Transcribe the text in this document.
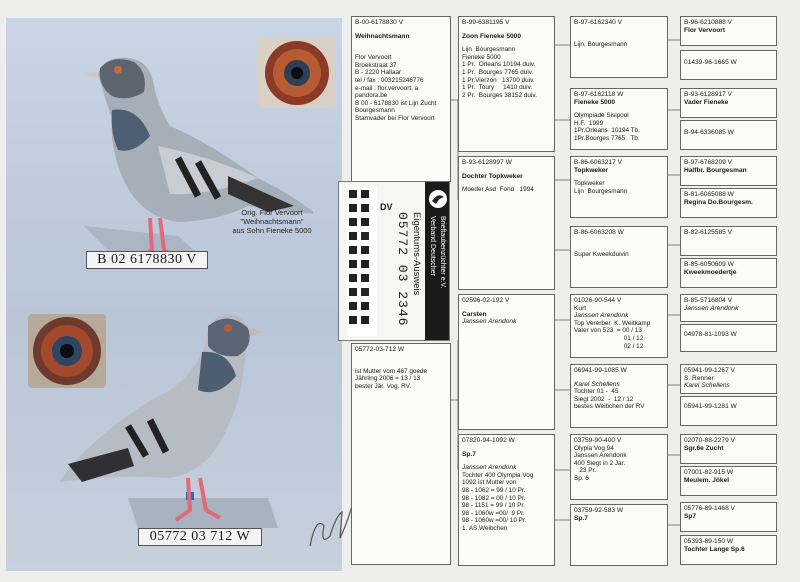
Orig. Flor Vervoort
"Weihnachtsmann"
aus Sohn Fieneke 5000
B 02 6178830 V
05772 03 712 W
B-00-6178830 V
Weihnachtsmann
Flor Vervoort
Broekstraat 37
B - 2220 Hallaar
tel / fax : 003215246776
e-mail : flor.vervoort. a
pandora.be
B 00 - 6178830 ist Lijn Zucht
Bourgesmann
Stamvader bei Flor Vervoort
05772-03-712 W
ist Mutter vom 467 goede
Jährling 2006 = 13 / 13
bester Jär. Vog. RV.
DV
05772 03 2346 Eigentums-Ausweis Verband Deutscher Brieftaubenzüchter e.V.
B-99-6381195 V
Zoon Fieneke 5000
Lijn  Bourgesmann
Fieneke 5000
1 Pr.  Orleans 10194 duiv.
1 Pr.  Bourges 7765 duiv.
1 Pr.Vierzon   13700 duiv.
1 Pr.  Toury     1410 duiv.
2 Pr.  Bourges 38152 duiv.
B-93-6128997 W
Dochter Topkweker
Moeder Asd  Fond   1994
02596-02-192 V
Carsten
Janssen Arendonk
07820-94-1092 W
Sp.7
Janssen Arendonk
Tochter 400 Olympia Vog
1092 ist Mutter von
98 - 1062 = 99 / 10 Pr.
98 - 1082 = 00 / 10 Pr.
98 - 1151 = 99 / 10 Pr.
98 - 1060w =00/  9 Pr.
98 - 1060w =00/ 10 Pr.
1. AS.Weibchen
B-97-6162340 V
Lijn, Bourgesmann
B-97-6162118 W
Fieneke 5000
Olympiade Sisipool
H.F.  1999
1Pr.Orleans  10194 Tb.
1Pr.Bourges 7765   Tb.
B-86-6063217 V
Topkweker
Topkweker
Lijn  Bourgesmann
B-86-6063208 W
Super Kweekduivin
01026-90-544 V
Kurt
Janssen Arendonk
Top Vererber  K. Weitkamp
Vater von 523  = 00 / 13
01 / 12
02 / 12
06941-99-1085 W
Karel Schellens
Tochter 01 -  45
Siegt 2002  -  12 / 12
bestes Weibchen der RV
03759-90-400 V
Olypia Vog 94
Janssen Arendonk
400 Siegt in 2 Jar.
23 Pr.
Sp. 6
03759-92-583 W
Sp.7
B-96-6210888 V
Flor Vervoort
01439-96-1665 W
B-93-6128917 V
Vader Fieneke
B-94-6336085 W
B-97-6768209 V
Halfbr. Bourgesman
B-81-6065088 W
Regina Do.Bourgesm.
B-82-6125585 V
B-85-6050609 W
Kweekmoedertje
B-85-5716804 V
Janssen Arendonk
04978-81-1093 W
05941-99-1267 V
S. Renner
Karel Schellens
05941-99-1281 W
02070-88-2279 V
Sgr.6e Zucht
07001-82-915 W
Meulem. Jökel
05776-89-1468 V
Sp7
05393-89-150 W
Tochter Lange Sp.6
